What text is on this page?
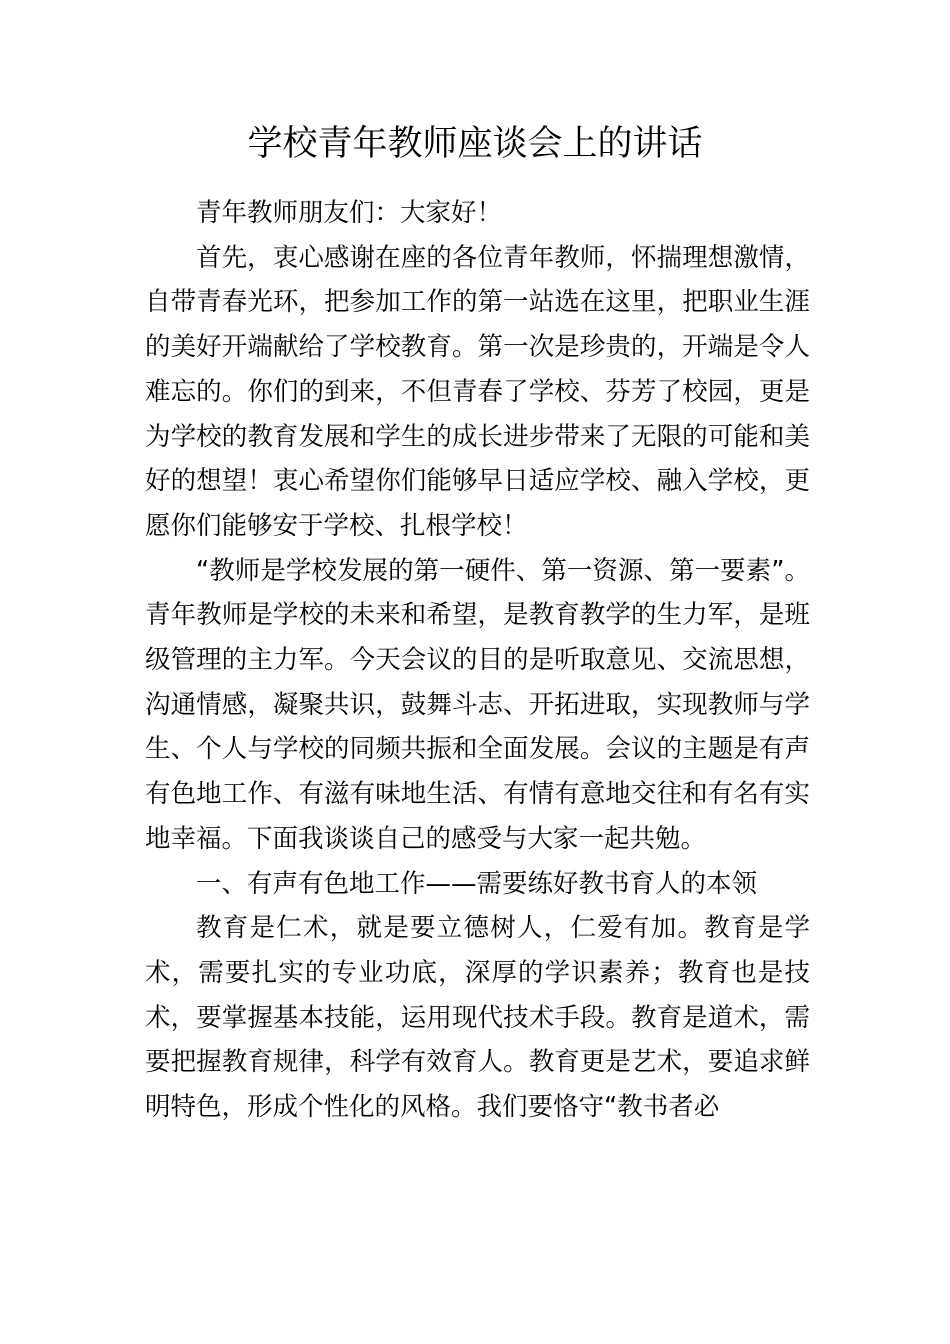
学校青年教师座谈会上的讲话

青年教师朋友们：大家好！

首先，衷心感谢在座的各位青年教师，怀揣理想激情，自带青春光环，把参加工作的第一站选在这里，把职业生涯的美好开端献给了学校教育。第一次是珍贵的，开端是令人难忘的。你们的到来，不但青春了学校、芬芳了校园，更是为学校的教育发展和学生的成长进步带来了无限的可能和美好的想望！衷心希望你们能够早日适应学校、融入学校，更愿你们能够安于学校、扎根学校！

“教师是学校发展的第一硬件、第一资源、第一要素”。青年教师是学校的未来和希望，是教育教学的生力军，是班级管理的主力军。今天会议的目的是听取意见、交流思想，沟通情感，凝聚共识，鼓舞斗志、开拓进取，实现教师与学生、个人与学校的同频共振和全面发展。会议的主题是有声有色地工作、有滋有味地生活、有情有意地交往和有名有实地幸福。下面我谈谈自己的感受与大家一起共勉。

一、有声有色地工作——需要练好教书育人的本领

教育是仁术，就是要立德树人，仁爱有加。教育是学术，需要扎实的专业功底，深厚的学识素养；教育也是技术，要掌握基本技能，运用现代技术手段。教育是道术，需要把握教育规律，科学有效育人。教育更是艺术，要追求鲜明特色，形成个性化的风格。我们要恪守“教书者必
